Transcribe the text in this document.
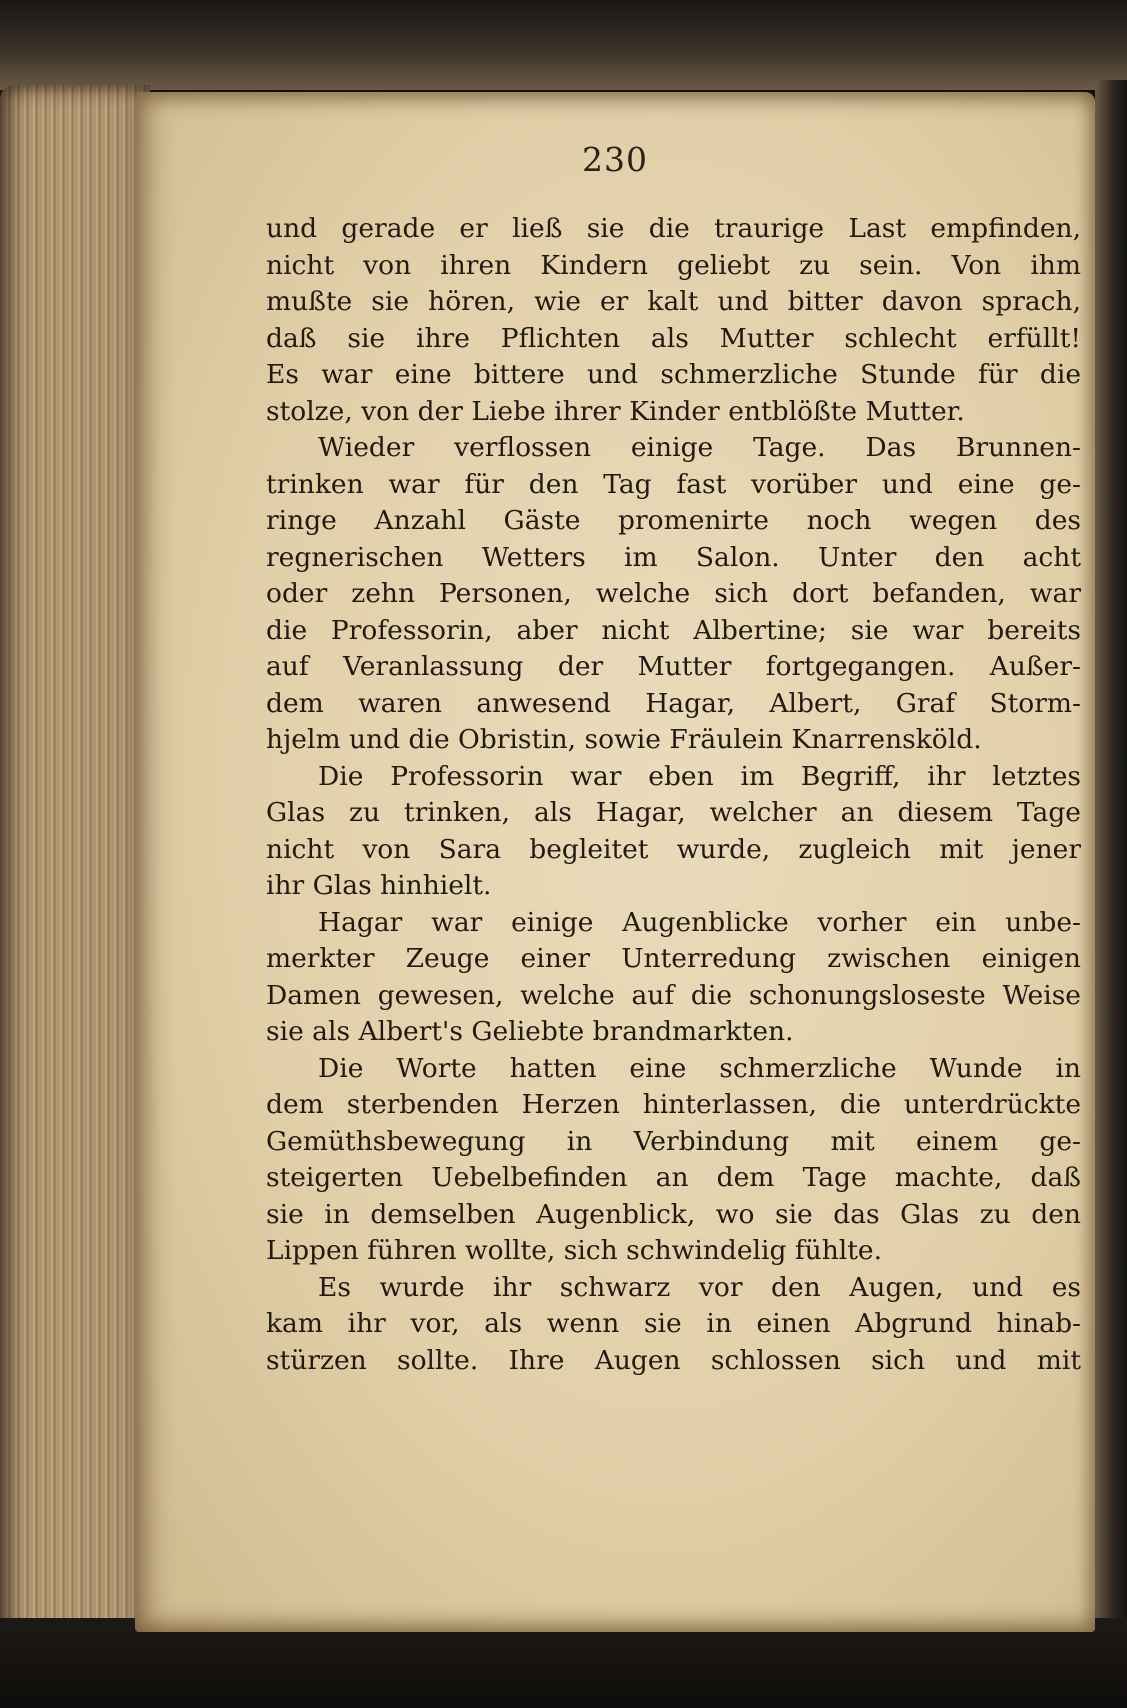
230
und gerade er ließ sie die traurige Last empfinden,
nicht von ihren Kindern geliebt zu sein. Von ihm
mußte sie hören, wie er kalt und bitter davon sprach,
daß sie ihre Pflichten als Mutter schlecht erfüllt!
Es war eine bittere und schmerzliche Stunde für die
stolze, von der Liebe ihrer Kinder entblößte Mutter.
Wieder verflossen einige Tage. Das Brunnen-
trinken war für den Tag fast vorüber und eine ge-
ringe Anzahl Gäste promenirte noch wegen des
regnerischen Wetters im Salon. Unter den acht
oder zehn Personen, welche sich dort befanden, war
die Professorin, aber nicht Albertine; sie war bereits
auf Veranlassung der Mutter fortgegangen. Außer-
dem waren anwesend Hagar, Albert, Graf Storm-
hjelm und die Obristin, sowie Fräulein Knarrensköld.
Die Professorin war eben im Begriff, ihr letztes
Glas zu trinken, als Hagar, welcher an diesem Tage
nicht von Sara begleitet wurde, zugleich mit jener
ihr Glas hinhielt.
Hagar war einige Augenblicke vorher ein unbe-
merkter Zeuge einer Unterredung zwischen einigen
Damen gewesen, welche auf die schonungsloseste Weise
sie als Albert's Geliebte brandmarkten.
Die Worte hatten eine schmerzliche Wunde in
dem sterbenden Herzen hinterlassen, die unterdrückte
Gemüthsbewegung in Verbindung mit einem ge-
steigerten Uebelbefinden an dem Tage machte, daß
sie in demselben Augenblick, wo sie das Glas zu den
Lippen führen wollte, sich schwindelig fühlte.
Es wurde ihr schwarz vor den Augen, und es
kam ihr vor, als wenn sie in einen Abgrund hinab-
stürzen sollte. Ihre Augen schlossen sich und mit
